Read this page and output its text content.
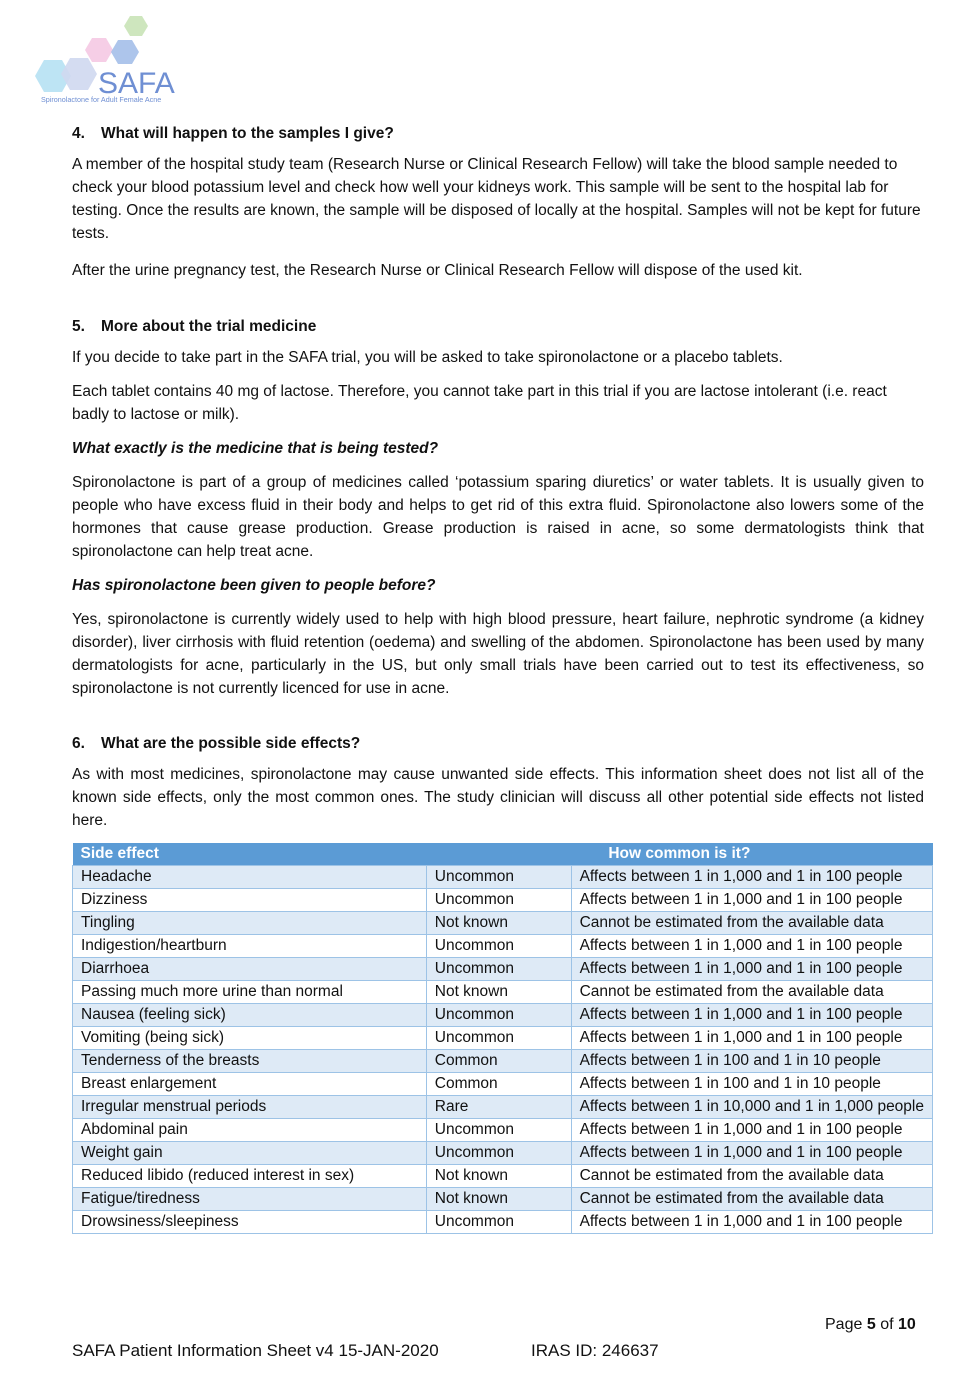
SAFA
Spironolactone for Adult Female Acne
4. What will happen to the samples I give?

A member of the hospital study team (Research Nurse or Clinical Research Fellow) will take the blood sample needed to check your blood potassium level and check how well your kidneys work. This sample will be sent to the hospital lab for testing. Once the results are known, the sample will be disposed of locally at the hospital. Samples will not be kept for future tests.

After the urine pregnancy test, the Research Nurse or Clinical Research Fellow will dispose of the used kit.

5. More about the trial medicine

If you decide to take part in the SAFA trial, you will be asked to take spironolactone or a placebo tablets.

Each tablet contains 40 mg of lactose. Therefore, you cannot take part in this trial if you are lactose intolerant (i.e. react badly to lactose or milk).

What exactly is the medicine that is being tested?

Spironolactone is part of a group of medicines called ‘potassium sparing diuretics’ or water tablets. It is usually given to people who have excess fluid in their body and helps to get rid of this extra fluid. Spironolactone also lowers some of the hormones that cause grease production. Grease production is raised in acne, so some dermatologists think that spironolactone can help treat acne.

Has spironolactone been given to people before?

Yes, spironolactone is currently widely used to help with high blood pressure, heart failure, nephrotic syndrome (a kidney disorder), liver cirrhosis with fluid retention (oedema) and swelling of the abdomen. Spironolactone has been used by many dermatologists for acne, particularly in the US, but only small trials have been carried out to test its effectiveness, so spironolactone is not currently licenced for use in acne.

6. What are the possible side effects?

As with most medicines, spironolactone may cause unwanted side effects. This information sheet does not list all of the known side effects, only the most common ones. The study clinician will discuss all other potential side effects not listed here.

Side effect	How common is it?	
Headache	Uncommon	Affects between 1 in 1,000 and 1 in 100 people
Dizziness	Uncommon	Affects between 1 in 1,000 and 1 in 100 people
Tingling	Not known	Cannot be estimated from the available data
Indigestion/heartburn	Uncommon	Affects between 1 in 1,000 and 1 in 100 people
Diarrhoea	Uncommon	Affects between 1 in 1,000 and 1 in 100 people
Passing much more urine than normal	Not known	Cannot be estimated from the available data
Nausea (feeling sick)	Uncommon	Affects between 1 in 1,000 and 1 in 100 people
Vomiting (being sick)	Uncommon	Affects between 1 in 1,000 and 1 in 100 people
Tenderness of the breasts	Common	Affects between 1 in 100 and 1 in 10 people
Breast enlargement	Common	Affects between 1 in 100 and 1 in 10 people
Irregular menstrual periods	Rare	Affects between 1 in 10,000 and 1 in 1,000 people
Abdominal pain	Uncommon	Affects between 1 in 1,000 and 1 in 100 people
Weight gain	Uncommon	Affects between 1 in 1,000 and 1 in 100 people
Reduced libido (reduced interest in sex)	Not known	Cannot be estimated from the available data
Fatigue/tiredness	Not known	Cannot be estimated from the available data
Drowsiness/sleepiness	Uncommon	Affects between 1 in 1,000 and 1 in 100 people
Page 5 of 10
SAFA Patient Information Sheet v4 15-JAN-2020	IRAS ID: 246637
